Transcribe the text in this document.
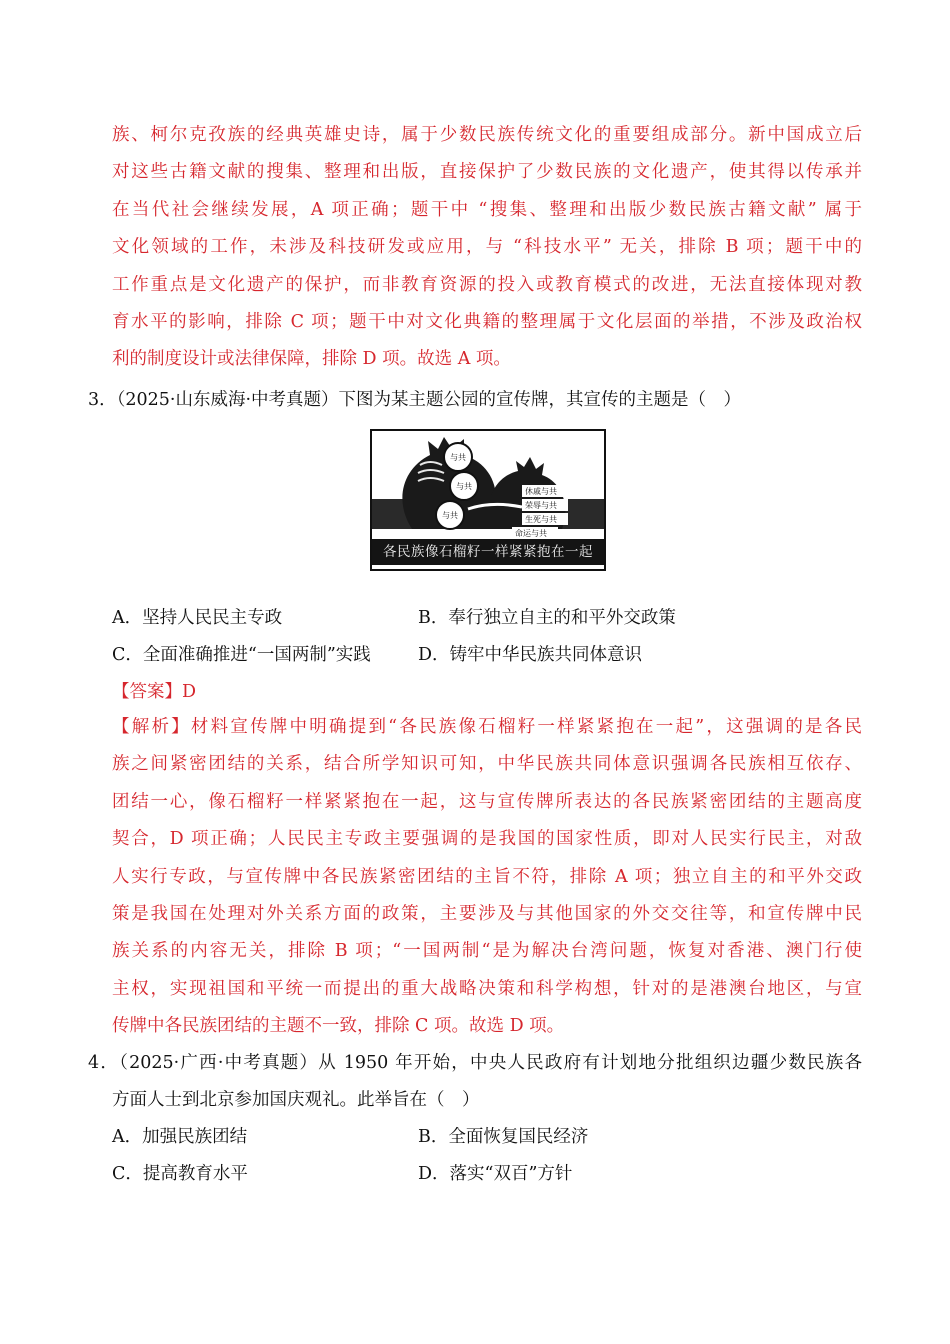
族、柯尔克孜族的经典英雄史诗，属于少数民族传统文化的重要组成部分。新中国成立后
对这些古籍文献的搜集、整理和出版，直接保护了少数民族的文化遗产，使其得以传承并
在当代社会继续发展，A 项正确；题干中 “搜集、整理和出版少数民族古籍文献” 属于
文化领域的工作，未涉及科技研发或应用，与 “科技水平” 无关，排除 B 项；题干中的
工作重点是文化遗产的保护，而非教育资源的投入或教育模式的改进，无法直接体现对教
育水平的影响，排除 C 项；题干中对文化典籍的整理属于文化层面的举措，不涉及政治权
利的制度设计或法律保障，排除 D 项。故选 A 项。
3．（2025·山东威海·中考真题）下图为某主题公园的宣传牌，其宣传的主题是（　）
与共
与共
与共
休戚与共
荣辱与共
生死与共
命运与共
各民族像石榴籽一样紧紧抱在一起
A．坚持人民民主专政	B．奉行独立自主的和平外交政策
C．全面准确推进“一国两制”实践	D．铸牢中华民族共同体意识
【答案】D
【解析】材料宣传牌中明确提到“各民族像石榴籽一样紧紧抱在一起”，这强调的是各民
族之间紧密团结的关系，结合所学知识可知，中华民族共同体意识强调各民族相互依存、
团结一心，像石榴籽一样紧紧抱在一起，这与宣传牌所表达的各民族紧密团结的主题高度
契合，D 项正确；人民民主专政主要强调的是我国的国家性质，即对人民实行民主，对敌
人实行专政，与宣传牌中各民族紧密团结的主旨不符，排除 A 项；独立自主的和平外交政
策是我国在处理对外关系方面的政策，主要涉及与其他国家的外交交往等，和宣传牌中民
族关系的内容无关，排除 B 项；“一国两制“是为解决台湾问题，恢复对香港、澳门行使
主权，实现祖国和平统一而提出的重大战略决策和科学构想，针对的是港澳台地区，与宣
传牌中各民族团结的主题不一致，排除 C 项。故选 D 项。
4．（2025·广西·中考真题）从 1950 年开始，中央人民政府有计划地分批组织边疆少数民族各
方面人士到北京参加国庆观礼。此举旨在（　）
A．加强民族团结	B．全面恢复国民经济
C．提高教育水平	D．落实“双百”方针
